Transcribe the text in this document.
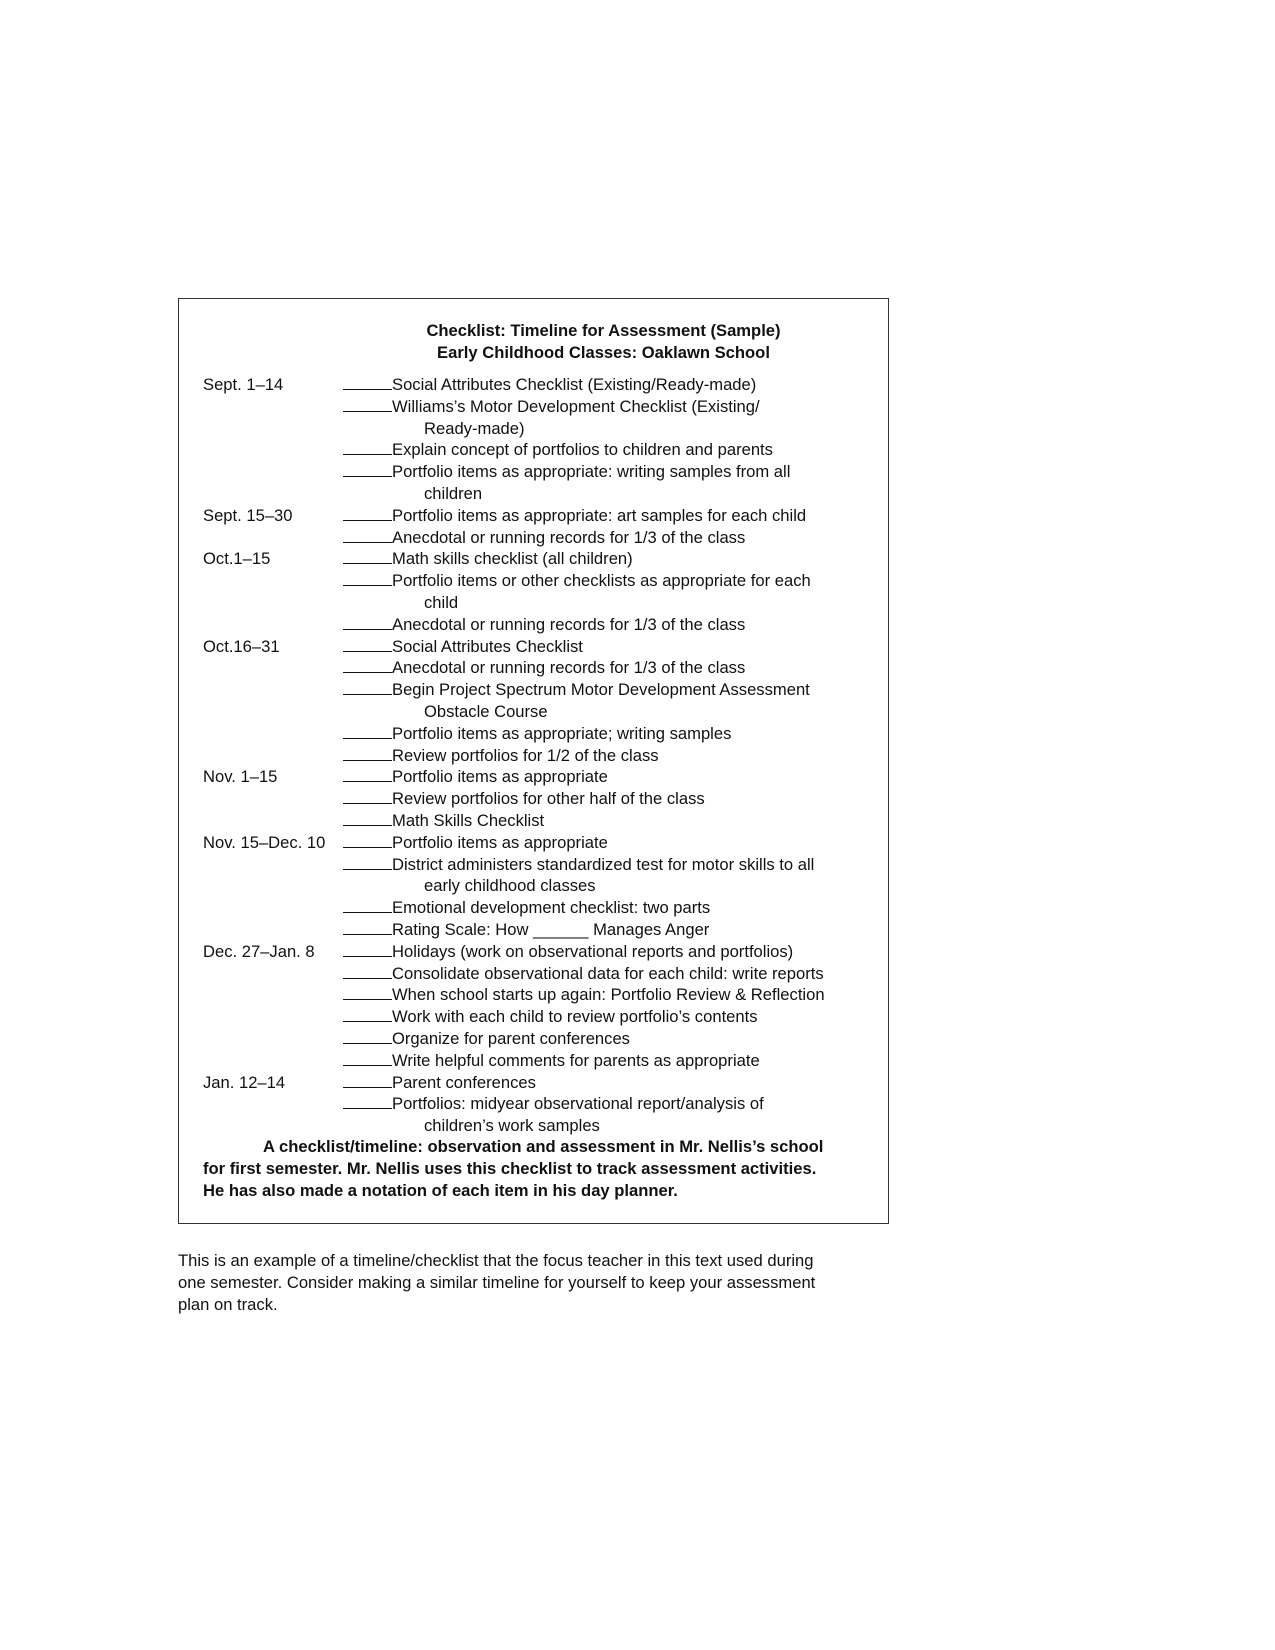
Checklist: Timeline for Assessment (Sample)
Early Childhood Classes: Oaklawn School
Sept. 1–14	Social Attributes Checklist (Existing/Ready-made)
Williams’s Motor Development Checklist (Existing/
Ready-made)
Explain concept of portfolios to children and parents
Portfolio items as appropriate: writing samples from all
children
Sept. 15–30	Portfolio items as appropriate: art samples for each child
Anecdotal or running records for 1/3 of the class
Oct.1–15	Math skills checklist (all children)
Portfolio items or other checklists as appropriate for each
child
Anecdotal or running records for 1/3 of the class
Oct.16–31	Social Attributes Checklist
Anecdotal or running records for 1/3 of the class
Begin Project Spectrum Motor Development Assessment
Obstacle Course
Portfolio items as appropriate; writing samples
Review portfolios for 1/2 of the class
Nov. 1–15	Portfolio items as appropriate
Review portfolios for other half of the class
Math Skills Checklist
Nov. 15–Dec. 10	Portfolio items as appropriate
District administers standardized test for motor skills to all
early childhood classes
Emotional development checklist: two parts
Rating Scale: How ______ Manages Anger
Dec. 27–Jan. 8	Holidays (work on observational reports and portfolios)
Consolidate observational data for each child: write reports
When school starts up again: Portfolio Review & Reflection
Work with each child to review portfolio’s contents
Organize for parent conferences
Write helpful comments for parents as appropriate
Jan. 12–14	Parent conferences
Portfolios: midyear observational report/analysis of
children’s work samples
A checklist/timeline: observation and assessment in Mr. Nellis’s school
for first semester. Mr. Nellis uses this checklist to track assessment activities.
He has also made a notation of each item in his day planner.
This is an example of a timeline/checklist that the focus teacher in this text used during
one semester. Consider making a similar timeline for yourself to keep your assessment
plan on track.
